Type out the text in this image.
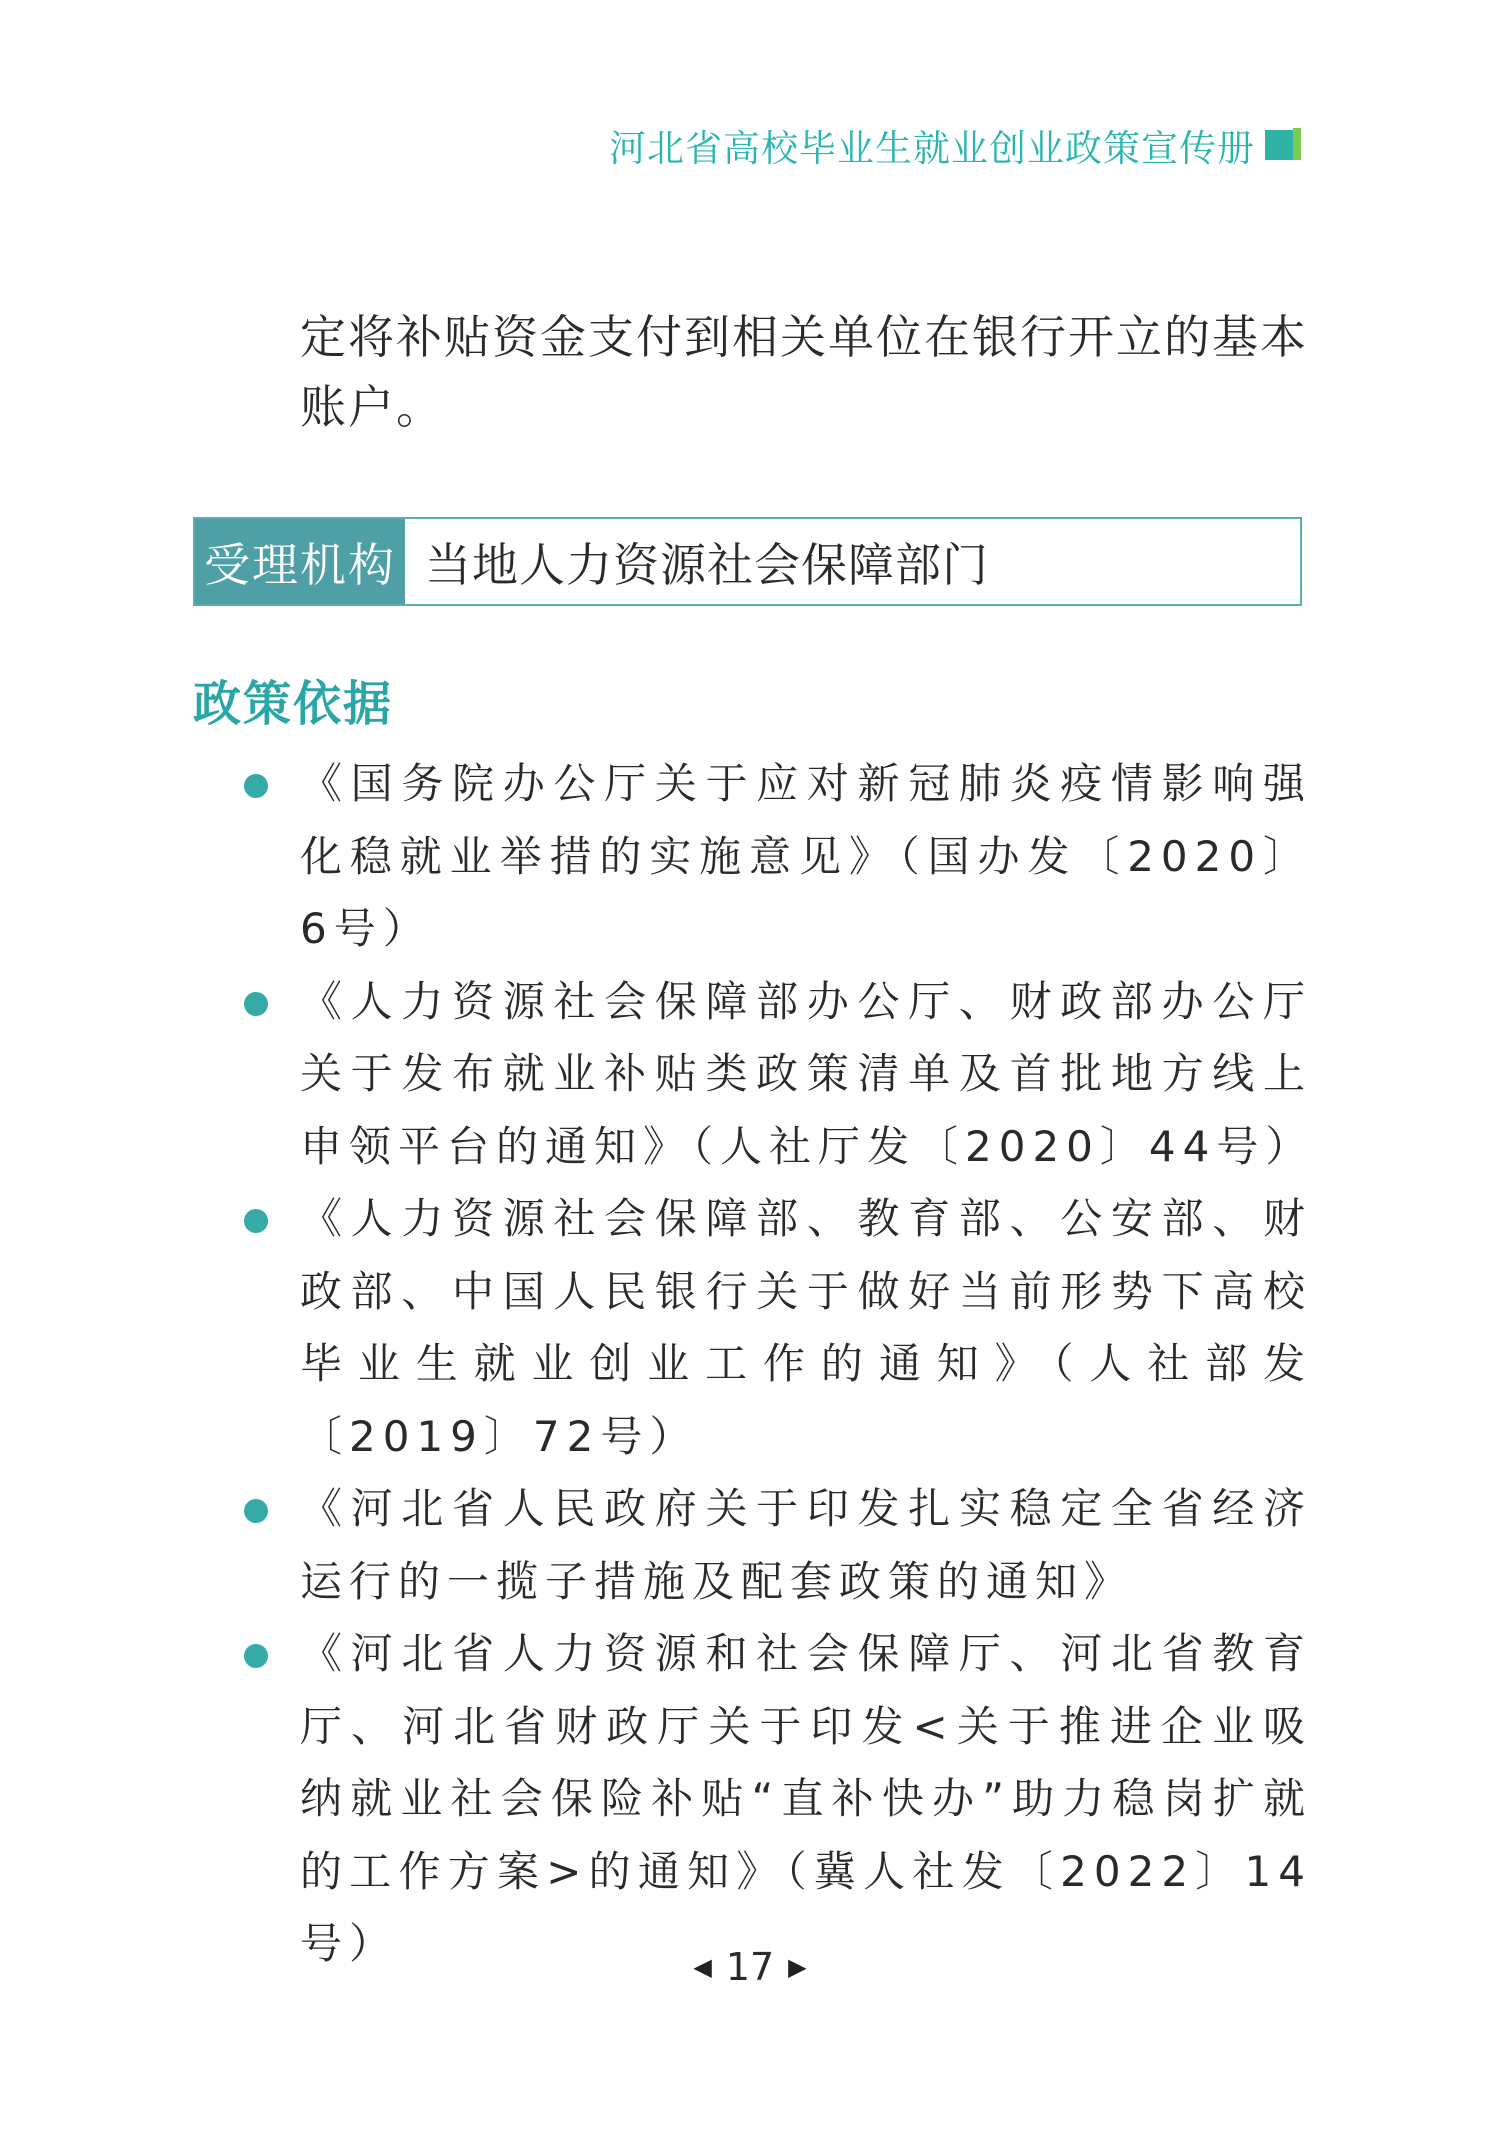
河北省高校毕业生就业创业政策宣传册
定将补贴资金支付到相关单位在银行开立的基本账户。
受理机构 当地人力资源社会保障部门
政策依据
《国务院办公厅关于应对新冠肺炎疫情影响强化稳就业举措的实施意见》（国办发〔2020〕6号）
《人力资源社会保障部办公厅、财政部办公厅关于发布就业补贴类政策清单及首批地方线上申领平台的通知》（人社厅发〔2020〕44号）
《人力资源社会保障部、教育部、公安部、财政部、中国人民银行关于做好当前形势下高校毕业生就业创业工作的通知》（人社部发〔2019〕72号）
《河北省人民政府关于印发扎实稳定全省经济运行的一揽子措施及配套政策的通知》
《河北省人力资源和社会保障厅、河北省教育厅、河北省财政厅关于印发<关于推进企业吸纳就业社会保险补贴“直补快办”助力稳岗扩就的工作方案>的通知》（冀人社发〔2022〕14号）	◀ 17 ▶
